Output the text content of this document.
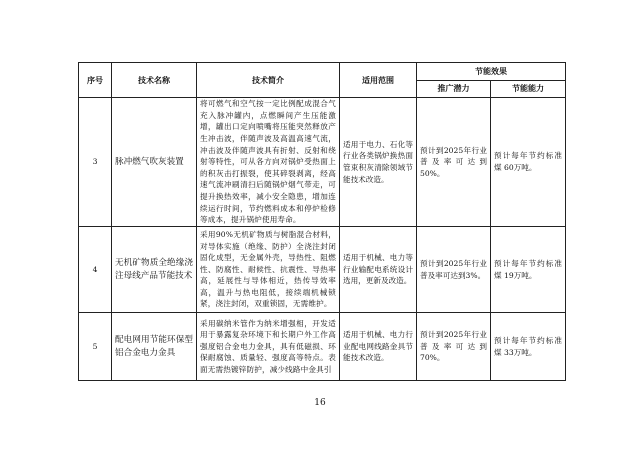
序号	技术名称	技术简介	适用范围	节能效果	
				推广潜力	节能能力
3	脉冲燃气吹灰装置	将可燃气和空气按一定比例配成混合气充入脉冲罐内，点燃瞬间产生压能激增，罐出口定向喷嘴将压能突然释放产生冲击波，伴随声波及高温高速气流，冲击波及伴随声波具有折射、反射和绕射等特性，可从各方向对锅炉受热面上的积灰击打振裂，使其碎裂剥离，经高速气流冲刷清扫后随锅炉烟气带走，可提升换热效率，减小安全隐患，增加连续运行时间，节约燃料成本和停炉检修等成本，提升锅炉使用寿命。	适用于电力、石化等行业各类锅炉换热面管束积灰清除领域节能技术改造。	预计到2025年行业普及率可达到50%。	预计每年节约标准煤 60万吨。
4	无机矿物质全绝缘浇注母线产品节能技术	采用90%无机矿物质与树脂混合材料，对导体实施（绝缘、防护）全浇注封闭固化成型，无金属外壳，导热性、阻燃性、防腐性、耐候性、抗震性、导热率高，延展性与导体相近，热传导效率高，温升与热电阻低，接续端机械锁紧，浇注封闭，双重锁固，无需维护。	适用于机械、电力等行业输配电系统设计选用，更新及改造。	预计到2025年行业普及率可达到3%。	预计每年节约标准煤 19万吨。
5	配电网用节能环保型铝合金电力金具	采用碳纳米管作为纳米增强相，开发适用于暴露复杂环境下和长期户外工作高强度铝合金电力金具，具有低磁损、环保耐腐蚀、质量轻、强度高等特点。表面无需热镀锌防护，减少线路中金具引	适用于机械、电力行业配电网线路金具节能技术改造。	预计到2025年行业普及率可达到70%。	预计每年节约标准煤 33万吨。
16
